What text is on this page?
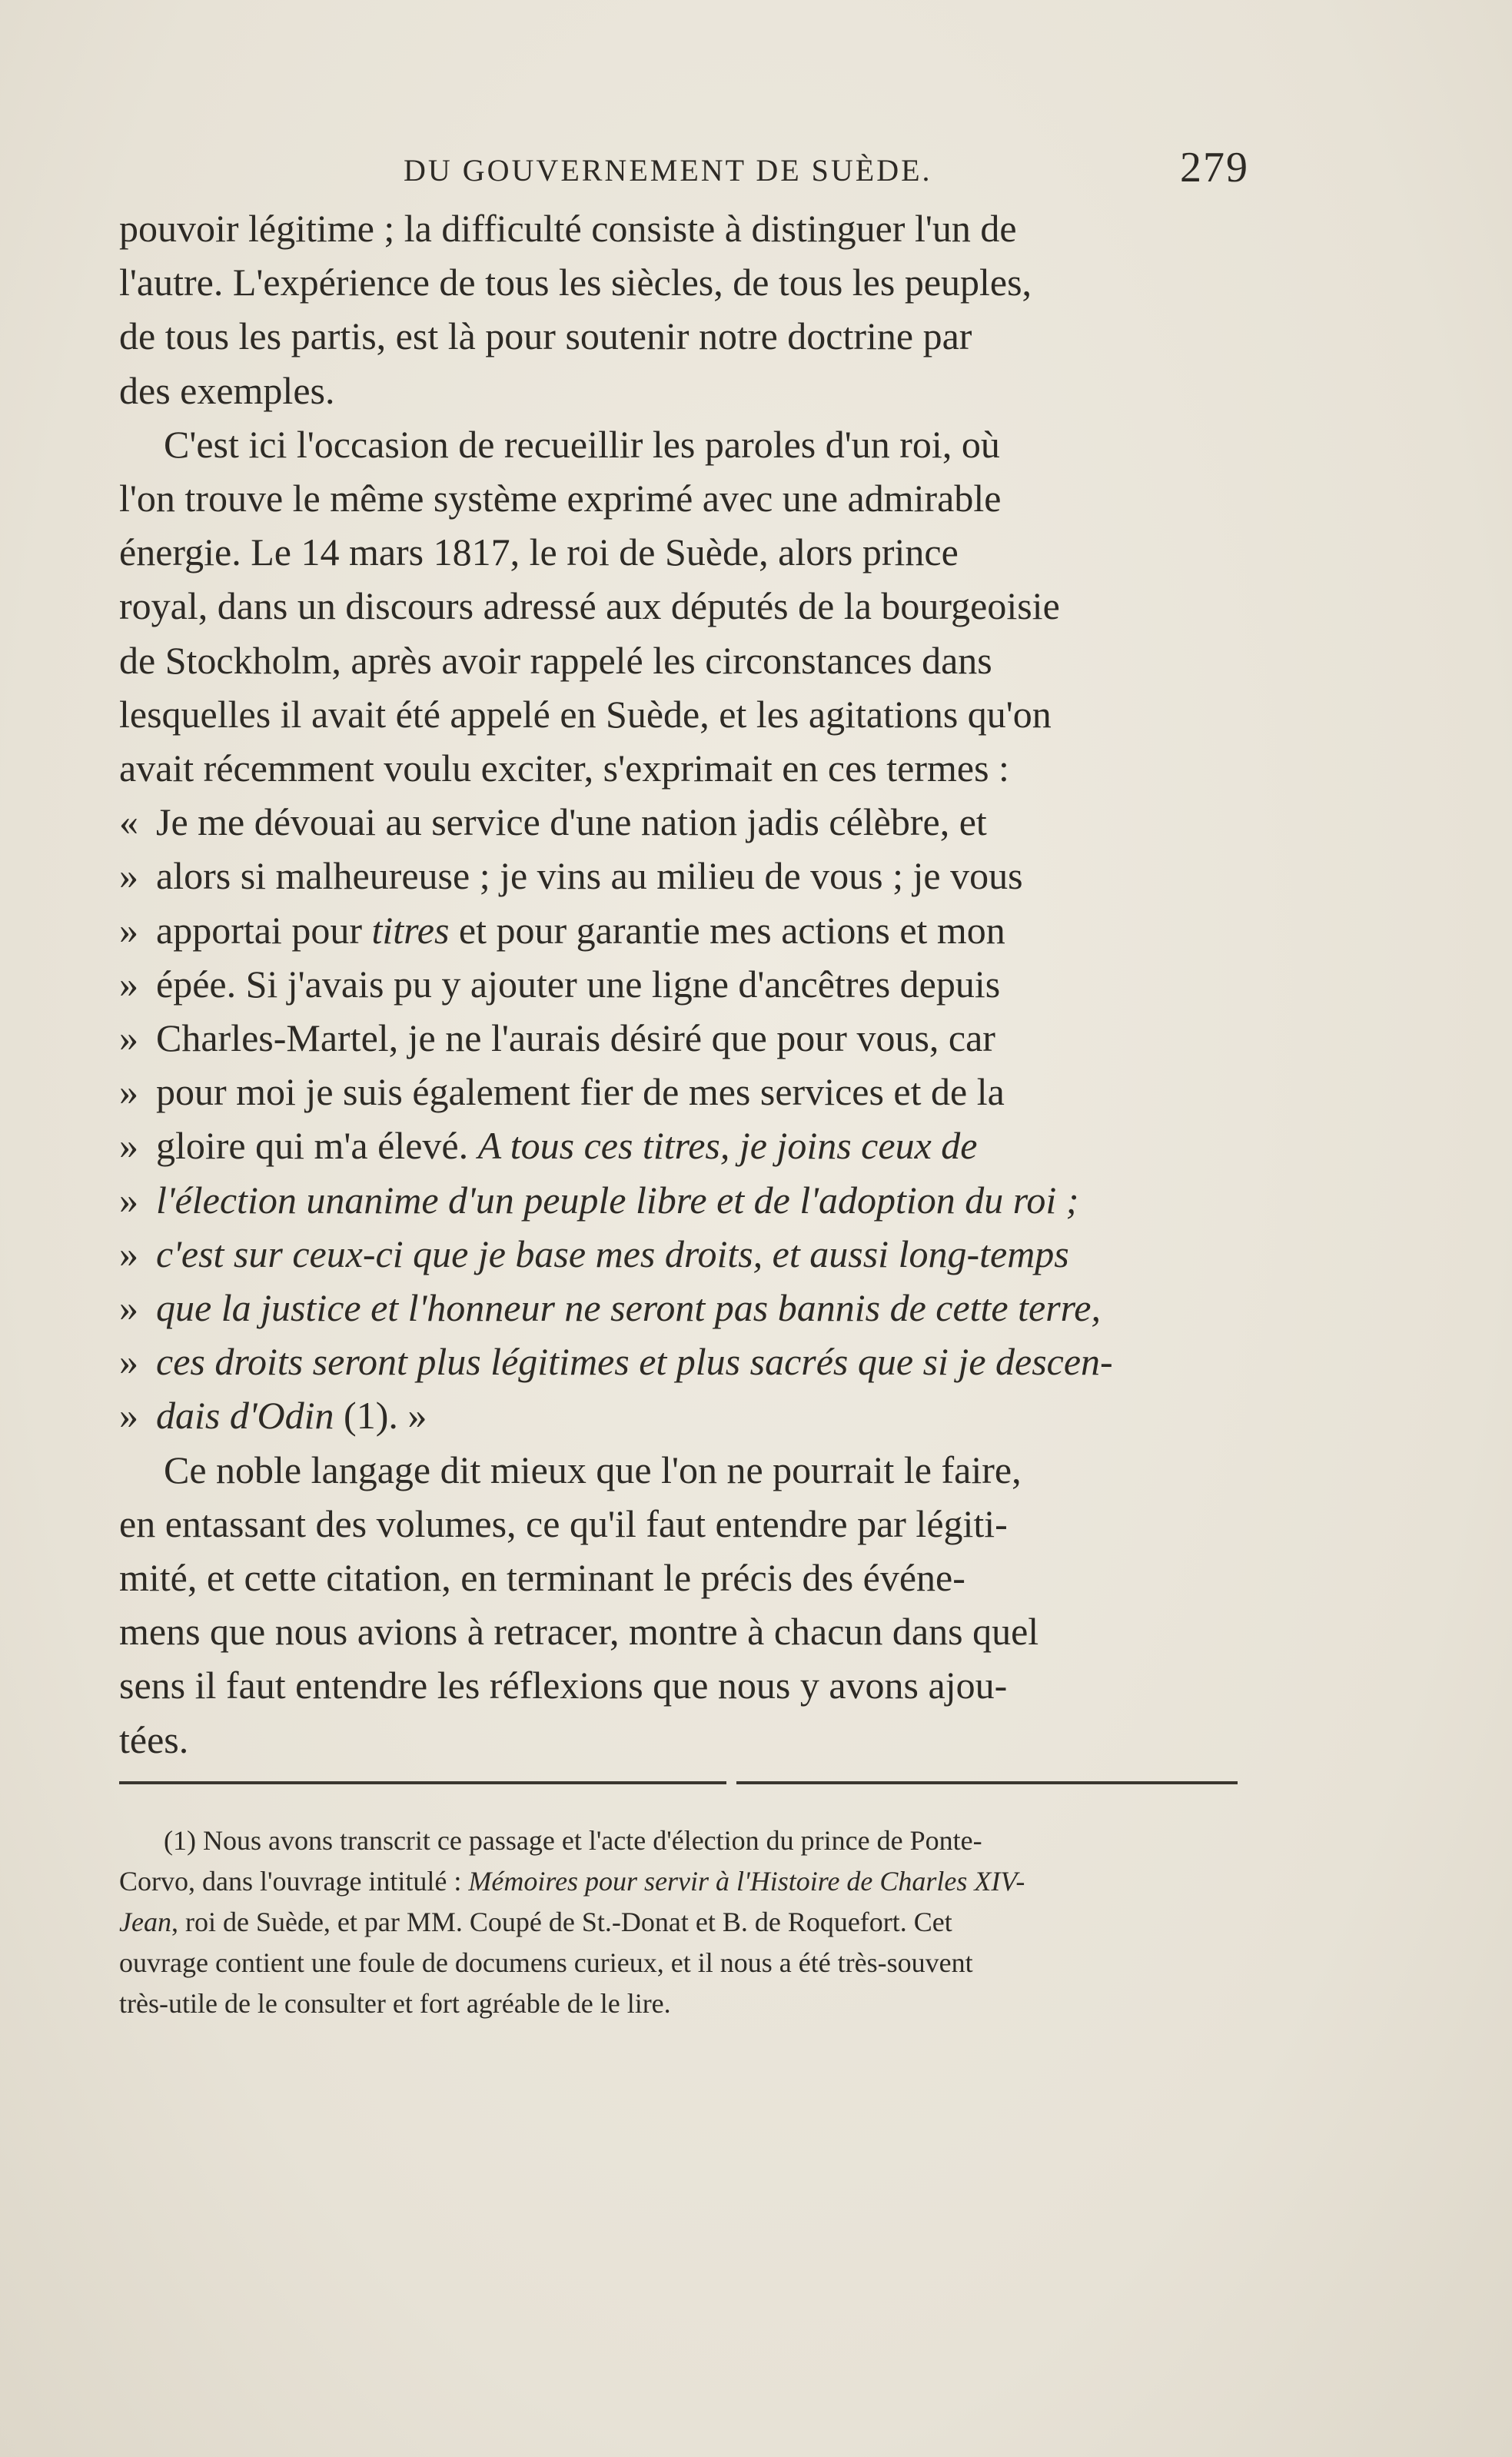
DU GOUVERNEMENT DE SUÈDE.	279
pouvoir légitime ; la difficulté consiste à distinguer l'un de
l'autre. L'expérience de tous les siècles, de tous les peuples,
de tous les partis, est là pour soutenir notre doctrine par
des exemples.
C'est ici l'occasion de recueillir les paroles d'un roi, où
l'on trouve le même système exprimé avec une admirable
énergie. Le 14 mars 1817, le roi de Suède, alors prince
royal, dans un discours adressé aux députés de la bourgeoisie
de Stockholm, après avoir rappelé les circonstances dans
lesquelles il avait été appelé en Suède, et les agitations qu'on
avait récemment voulu exciter, s'exprimait en ces termes :
« Je me dévouai au service d'une nation jadis célèbre, et
» alors si malheureuse ; je vins au milieu de vous ; je vous
» apportai pour titres et pour garantie mes actions et mon
» épée. Si j'avais pu y ajouter une ligne d'ancêtres depuis
» Charles-Martel, je ne l'aurais désiré que pour vous, car
» pour moi je suis également fier de mes services et de la
» gloire qui m'a élevé. A tous ces titres, je joins ceux de
» l'élection unanime d'un peuple libre et de l'adoption du roi ;
» c'est sur ceux-ci que je base mes droits, et aussi long-temps
» que la justice et l'honneur ne seront pas bannis de cette terre,
» ces droits seront plus légitimes et plus sacrés que si je descen-
» dais d'Odin (1). »
Ce noble langage dit mieux que l'on ne pourrait le faire,
en entassant des volumes, ce qu'il faut entendre par légiti-
mité, et cette citation, en terminant le précis des événe-
mens que nous avions à retracer, montre à chacun dans quel
sens il faut entendre les réflexions que nous y avons ajou-
tées.
(1) Nous avons transcrit ce passage et l'acte d'élection du prince de Ponte-
Corvo, dans l'ouvrage intitulé : Mémoires pour servir à l'Histoire de Charles XIV-
Jean, roi de Suède, et par MM. Coupé de St.-Donat et B. de Roquefort. Cet
ouvrage contient une foule de documens curieux, et il nous a été très-souvent
très-utile de le consulter et fort agréable de le lire.
